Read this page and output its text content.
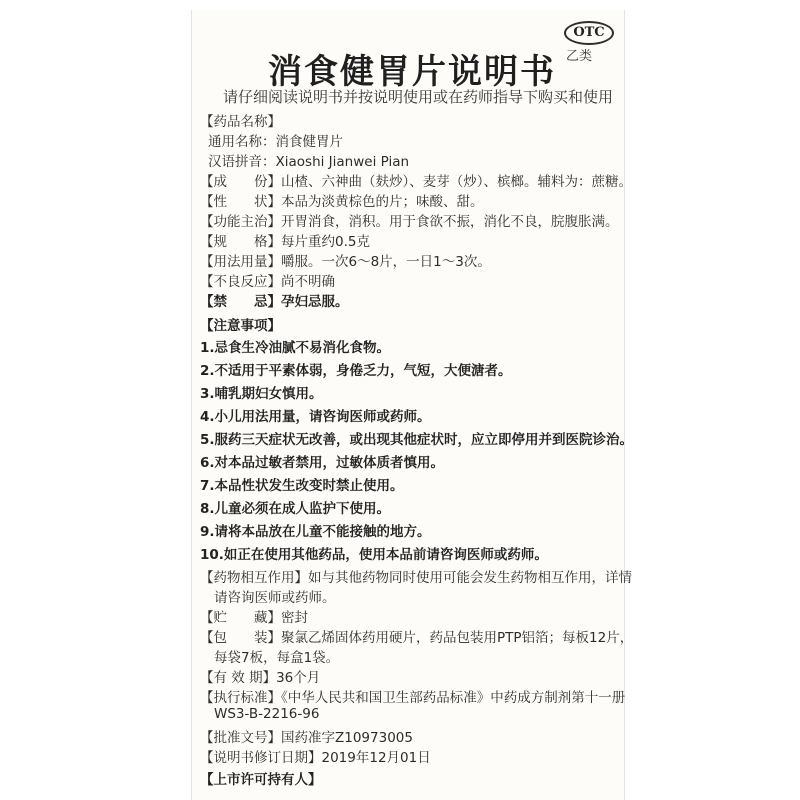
OTC
乙类
消食健胃片说明书
请仔细阅读说明书并按说明使用或在药师指导下购买和使用
【药品名称】
通用名称：消食健胃片
汉语拼音：Xiaoshi Jianwei Pian
【成　　份】山楂、六神曲（麸炒）、麦芽（炒）、槟榔。辅料为：蔗糖。
【性　　状】本品为淡黄棕色的片；味酸、甜。
【功能主治】开胃消食，消积。用于食欲不振，消化不良，脘腹胀满。
【规　　格】每片重约0.5克
【用法用量】嚼服。一次6～8片，一日1～3次。
【不良反应】尚不明确
【禁　　忌】孕妇忌服。
【注意事项】
1.忌食生冷油腻不易消化食物。
2.不适用于平素体弱，身倦乏力，气短，大便溏者。
3.哺乳期妇女慎用。
4.小儿用法用量，请咨询医师或药师。
5.服药三天症状无改善，或出现其他症状时，应立即停用并到医院诊治。
6.对本品过敏者禁用，过敏体质者慎用。
7.本品性状发生改变时禁止使用。
8.儿童必须在成人监护下使用。
9.请将本品放在儿童不能接触的地方。
10.如正在使用其他药品，使用本品前请咨询医师或药师。
【药物相互作用】如与其他药物同时使用可能会发生药物相互作用，详情
请咨询医师或药师。
【贮　　藏】密封
【包　　装】聚氯乙烯固体药用硬片，药品包装用PTP铝箔；每板12片，
每袋7板，每盒1袋。
【有 效 期】36个月
【执行标准】《中华人民共和国卫生部药品标准》中药成方制剂第十一册
WS3-B-2216-96
【批准文号】国药准字Z10973005
【说明书修订日期】2019年12月01日
【上市许可持有人】
